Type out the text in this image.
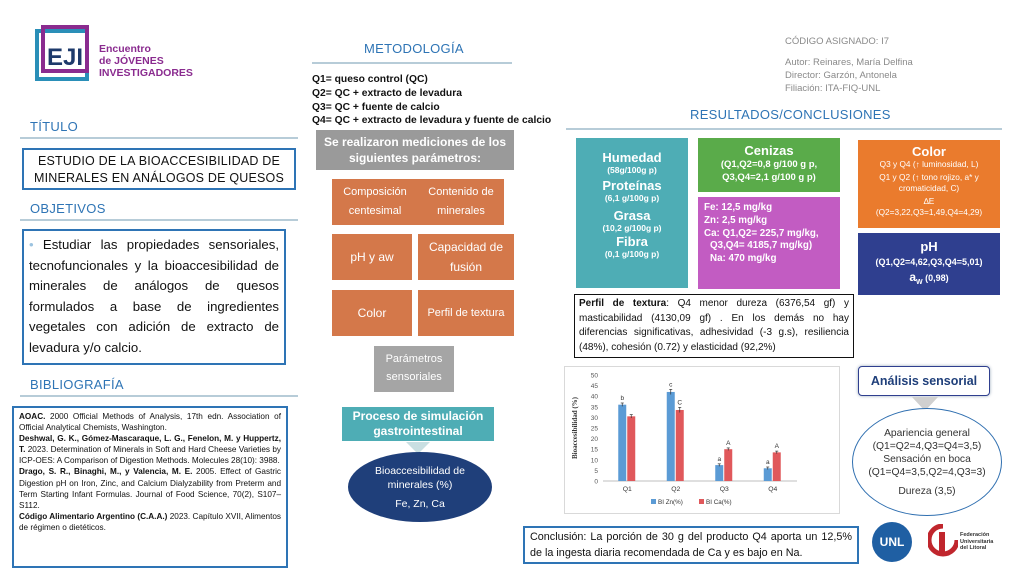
EJI Encuentro
de JÓVENES
INVESTIGADORES
TÍTULO
ESTUDIO DE LA BIOACCESIBILIDAD DE MINERALES EN ANÁLOGOS DE QUESOS
OBJETIVOS
• Estudiar las propiedades sensoriales, tecnofuncionales y la bioaccesibilidad de minerales de análogos de quesos formulados a base de ingredientes vegetales con adición de extracto de levadura y/o calcio.
BIBLIOGRAFÍA
AOAC. 2000 Official Methods of Analysis, 17th edn. Association of Official Analytical Chemists, Washington.
Deshwal, G. K., Gómez-Mascaraque, L. G., Fenelon, M. y Huppertz, T. 2023. Determination of Minerals in Soft and Hard Cheese Varieties by ICP-OES: A Comparison of Digestion Methods. Molecules 28(10): 3988.
Drago, S. R., Binaghi, M., y Valencia, M. E. 2005. Effect of Gastric Digestion pH on Iron, Zinc, and Calcium Dialyzability from Preterm and Term Starting Infant Formulas. Journal of Food Science, 70(2), S107–S112.
Código Alimentario Argentino (C.A.A.) 2023. Capítulo XVII, Alimentos de régimen o dietéticos.
METODOLOGÍA
Q1= queso control (QC)
Q2= QC + extracto de levadura
Q3= QC + fuente de calcio
Q4= QC + extracto de levadura y fuente de calcio
Se realizaron mediciones de los siguientes parámetros:
Composición centesimal
Contenido de minerales
pH y aw
Capacidad de fusión
Color	Perfil de textura
Parámetros sensoriales
Proceso de simulación gastrointestinal
Bioaccesibilidad de minerales (%)
Fe, Zn, Ca
CÓDIGO ASIGNADO: I7
Autor: Reinares, María Delfina
Director: Garzón, Antonela
Filiación: ITA-FIQ-UNL
RESULTADOS/CONCLUSIONES
Humedad
(58g/100g p)
Proteínas
(6,1 g/100g p)
Grasa
(10,2 g/100g p)
Fibra
(0,1 g/100g p)
Cenizas
(Q1,Q2=0,8 g/100 g p,
Q3,Q4=2,1 g/100 g p)
Fe: 12,5 mg/kg
Zn: 2,5 mg/kg
Ca: Q1,Q2= 225,7 mg/kg,
Q3,Q4= 4185,7 mg/kg)
Na: 470 mg/kg
Color
Q3 y Q4 (↑ luminosidad, L)
Q1 y Q2 (↑ tono rojizo, a* y cromaticidad, C)
∆E
(Q2=3,22,Q3=1,49,Q4=4,29)
pH
(Q1,Q2=4,62,Q3,Q4=5,01)
$a_W$ (0,98)
Perfil de textura: Q4 menor dureza (6376,54 gf) y masticabilidad (4130,09 gf) . En los demás no hay diferencias significativas, adhesividad (-3 g.s), resiliencia (48%), cohesión (0.72) y elasticidad (92,2%)
0
5
10
15
20
25
30
35
40
45
50
Bioaccesibilidad (%)
Q1
b
Q2
c
C
Q3
a
A
Q4
a
A
BI Zn(%)	BI Ca(%)
Análisis sensorial
Apariencia general
(Q1=Q2=4,Q3=Q4=3,5)
Sensación en boca
(Q1=Q4=3,5,Q2=4,Q3=3)
Dureza (3,5)
Conclusión: La porción de 30 g del producto Q4 aporta un 12,5% de la ingesta diaria recomendada de Ca y es bajo en Na.
UNL	Federación
Universitaria
del Litoral
